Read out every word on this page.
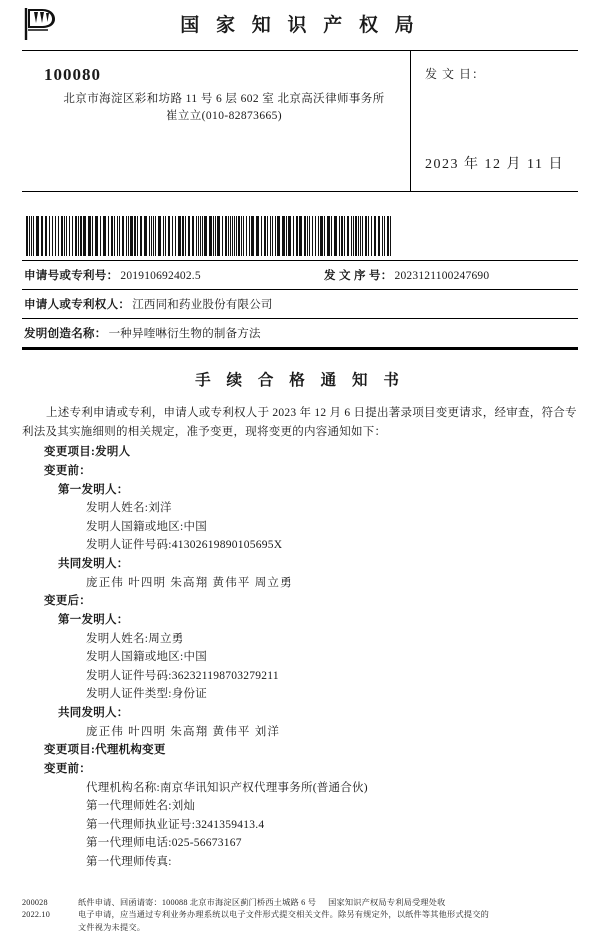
国 家 知 识 产 权 局
100080
北京市海淀区彩和坊路 11 号 6 层 602 室 北京高沃律师事务所
崔立立(010-82873665)
发 文 日：
2023 年 12 月 11 日
申请号或专利号： 201910692402.5	发 文 序 号： 2023121100247690
申请人或专利权人： 江西同和药业股份有限公司
发明创造名称： 一种异喹啉衍生物的制备方法
手 续 合 格 通 知 书

上述专利申请或专利，申请人或专利权人于 2023 年 12 月 6 日提出著录项目变更请求，经审查，符合专利法及其实施细则的相关规定，准予变更，现将变更的内容通知如下：

变更项目:发明人
变更前：
第一发明人：
发明人姓名:刘洋
发明人国籍或地区:中国
发明人证件号码:41302619890105695X
共同发明人：
庞正伟 叶四明 朱高翔 黄伟平 周立勇
变更后：
第一发明人：
发明人姓名:周立勇
发明人国籍或地区:中国
发明人证件号码:362321198703279211
发明人证件类型:身份证
共同发明人：
庞正伟 叶四明 朱高翔 黄伟平 刘洋
变更项目:代理机构变更
变更前：
代理机构名称:南京华讯知识产权代理事务所(普通合伙)
第一代理师姓名:刘灿
第一代理师执业证号:3241359413.4
第一代理师电话:025-56673167
第一代理师传真:
200028
2022.10
纸件申请、回函请寄：100088 北京市海淀区蓟门桥西土城路 6 号 国家知识产权局专利局受理处收
电子申请，应当通过专利业务办理系统以电子文件形式提交相关文件。除另有规定外，以纸件等其他形式提交的
文件视为未提交。
